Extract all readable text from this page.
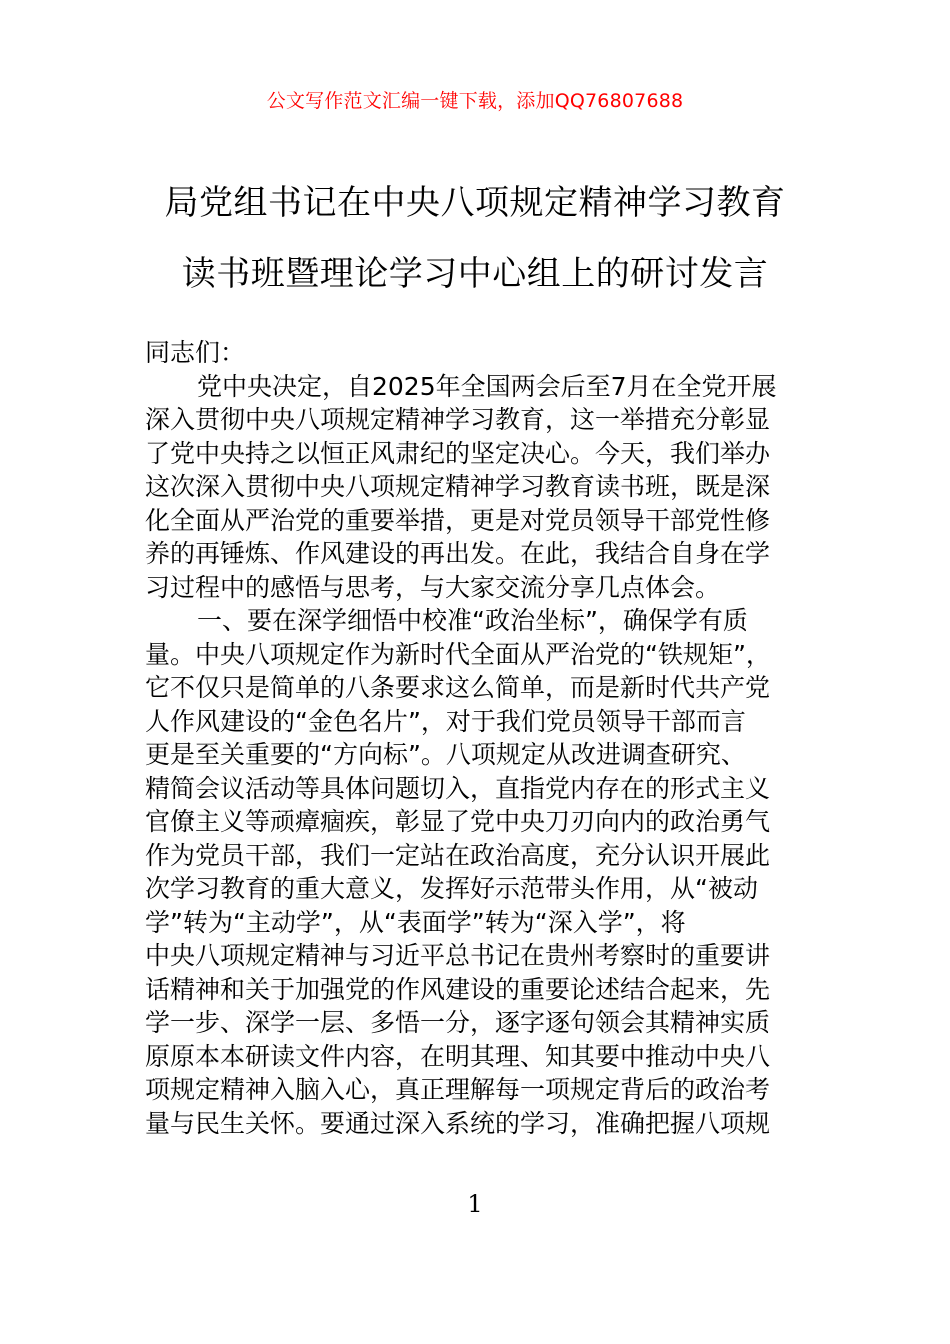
公文写作范文汇编一键下载，添加QQ76807688
局党组书记在中央八项规定精神学习教育
读书班暨理论学习中心组上的研讨发言
同志们：
党中央决定，自2025年全国两会后至7月在全党开展
深入贯彻中央八项规定精神学习教育，这一举措充分彰显
了党中央持之以恒正风肃纪的坚定决心。今天，我们举办
这次深入贯彻中央八项规定精神学习教育读书班，既是深
化全面从严治党的重要举措，更是对党员领导干部党性修
养的再锤炼、作风建设的再出发。在此，我结合自身在学
习过程中的感悟与思考，与大家交流分享几点体会。
一、要在深学细悟中校准“政治坐标”，确保学有质
量。中央八项规定作为新时代全面从严治党的“铁规矩”，
它不仅只是简单的八条要求这么简单，而是新时代共产党
人作风建设的“金色名片”，对于我们党员领导干部而言
更是至关重要的“方向标”。八项规定从改进调查研究、
精简会议活动等具体问题切入，直指党内存在的形式主义
官僚主义等顽瘴痼疾，彰显了党中央刀刃向内的政治勇气
作为党员干部，我们一定站在政治高度，充分认识开展此
次学习教育的重大意义，发挥好示范带头作用，从“被动
学”转为“主动学”，从“表面学”转为“深入学”，将
中央八项规定精神与习近平总书记在贵州考察时的重要讲
话精神和关于加强党的作风建设的重要论述结合起来，先
学一步、深学一层、多悟一分，逐字逐句领会其精神实质
原原本本研读文件内容，在明其理、知其要中推动中央八
项规定精神入脑入心，真正理解每一项规定背后的政治考
量与民生关怀。要通过深入系统的学习，准确把握八项规
1
